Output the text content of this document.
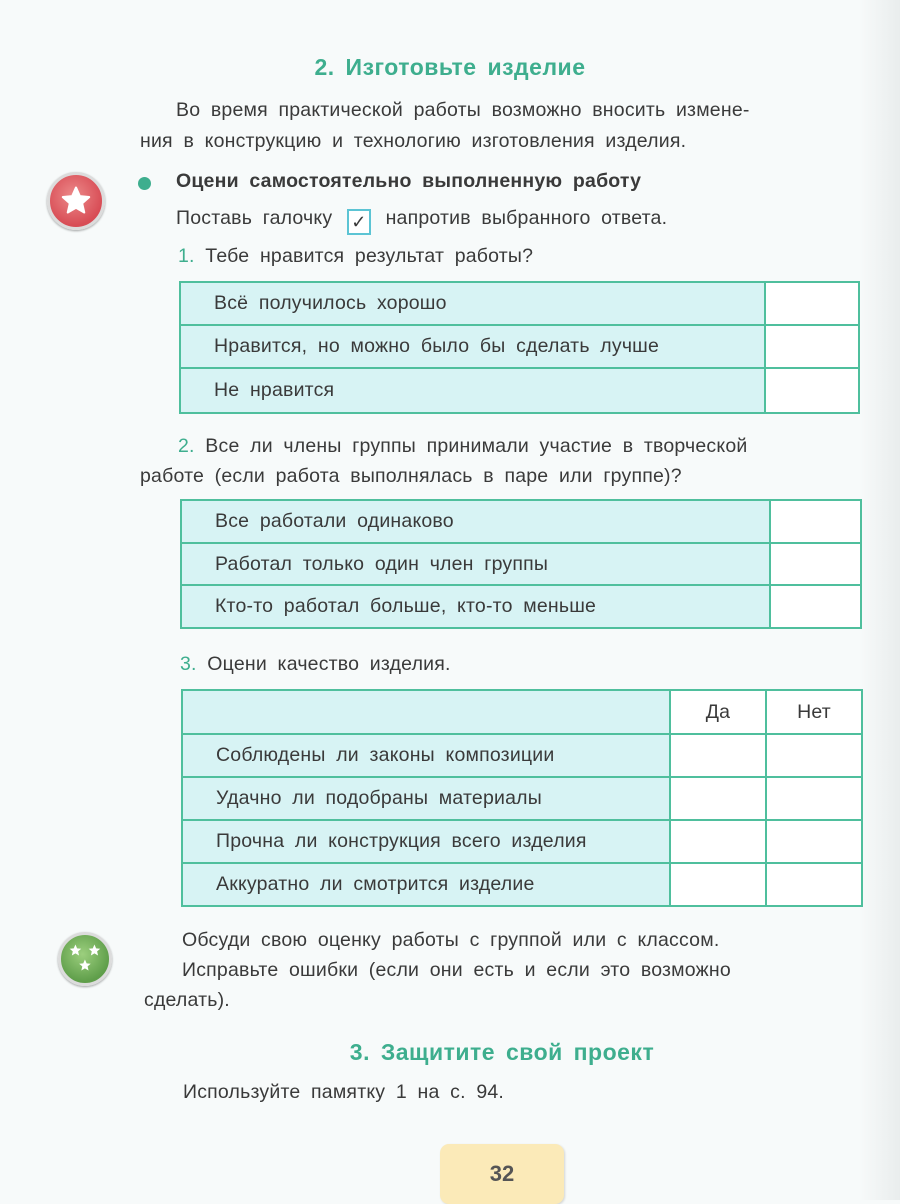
2. Изготовьте изделие
Во время практической работы возможно вносить измене-
ния в конструкцию и технологию изготовления изделия.
Оцени самостоятельно выполненную работу
Поставь галочку ✓ напротив выбранного ответа.
1. Тебе нравится результат работы?
Всё получилось хорошо	
Нравится, но можно было бы сделать лучше	
Не нравится	
2. Все ли члены группы принимали участие в творческой
работе (если работа выполнялась в паре или группе)?
Все работали одинаково	
Работал только один член группы	
Кто-то работал больше, кто-то меньше	
3. Оцени качество изделия.
	Да	Нет
Соблюдены ли законы композиции		
Удачно ли подобраны материалы		
Прочна ли конструкция всего изделия		
Аккуратно ли смотрится изделие		
Обсуди свою оценку работы с группой или с классом.
Исправьте ошибки (если они есть и если это возможно
сделать).
3. Защитите свой проект
Используйте памятку 1 на с. 94.
32
